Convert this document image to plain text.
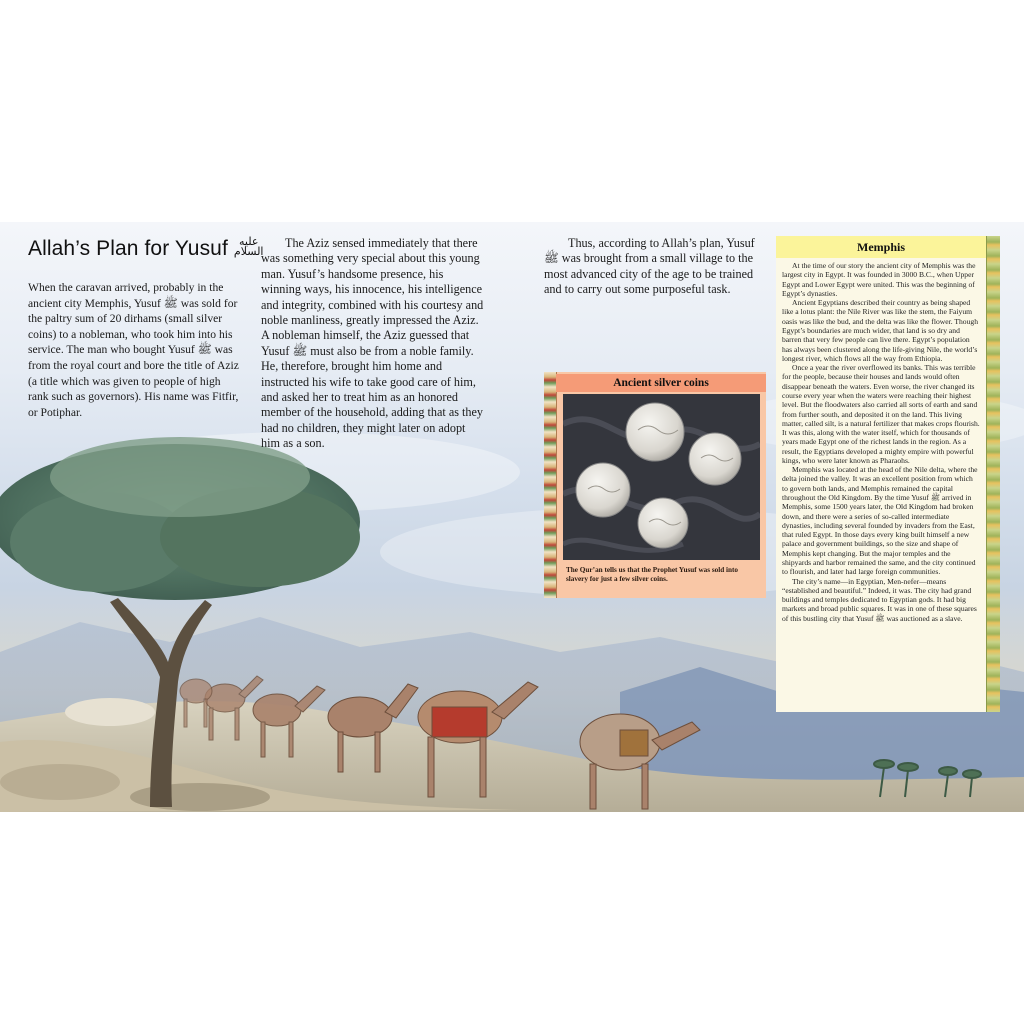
Allah’s Plan for Yusuf عليه
السلام

When the caravan arrived, probably in the ancient city Memphis, Yusuf ﷺ was sold for the paltry sum of 20 dirhams (small silver coins) to a nobleman, who took him into his service. The man who bought Yusuf ﷺ was from the royal court and bore the title of Aziz (a title which was given to people of high rank such as governors). His name was Fitfir, or Potiphar.

The Aziz sensed immediately that there was something very special about this young man. Yusuf’s handsome presence, his winning ways, his innocence, his intelligence and integrity, combined with his courtesy and noble manliness, greatly impressed the Aziz. A nobleman himself, the Aziz guessed that Yusuf ﷺ must also be from a noble family. He, therefore, brought him home and instructed his wife to take good care of him, and asked her to treat him as an honored member of the household, adding that as they had no children, they might later on adopt him as a son.

Thus, according to Allah’s plan, Yusuf ﷺ was brought from a small village to the most advanced city of the age to be trained and to carry out some purposeful task.

Ancient silver coins
The Qur’an tells us that the Prophet Yusuf was sold into slavery for just a few silver coins.
Memphis

At the time of our story the ancient city of Memphis was the largest city in Egypt. It was founded in 3000 B.C., when Upper Egypt and Lower Egypt were united. This was the beginning of Egypt’s dynasties.

Ancient Egyptians described their country as being shaped like a lotus plant: the Nile River was like the stem, the Faiyum oasis was like the bud, and the delta was like the flower. Though Egypt’s boundaries are much wider, that land is so dry and barren that very few people can live there. Egypt’s population has always been clustered along the life-giving Nile, the world’s longest river, which flows all the way from Ethiopia.

Once a year the river overflowed its banks. This was terrible for the people, because their houses and lands would often disappear beneath the waters. Even worse, the river changed its course every year when the waters were reaching their highest level. But the floodwaters also carried all sorts of earth and sand from further south, and deposited it on the land. This living matter, called silt, is a natural fertilizer that makes crops flourish. It was this, along with the water itself, which for thousands of years made Egypt one of the richest lands in the region. As a result, the Egyptians developed a mighty empire with powerful kings, who were later known as Pharaohs.

Memphis was located at the head of the Nile delta, where the delta joined the valley. It was an excellent position from which to govern both lands, and Memphis remained the capital throughout the Old Kingdom. By the time Yusuf ﷺ arrived in Memphis, some 1500 years later, the Old Kingdom had broken down, and there were a series of so-called intermediate dynasties, including several founded by invaders from the East, that ruled Egypt. In those days every king built himself a new palace and government buildings, so the size and shape of Memphis kept changing. But the major temples and the shipyards and harbor remained the same, and the city continued to flourish, and later had large foreign communities.

The city’s name—in Egyptian, Men-nefer—means “established and beautiful.” Indeed, it was. The city had grand buildings and temples dedicated to Egyptian gods. It had big markets and broad public squares. It was in one of these squares of this bustling city that Yusuf ﷺ was auctioned as a slave.
